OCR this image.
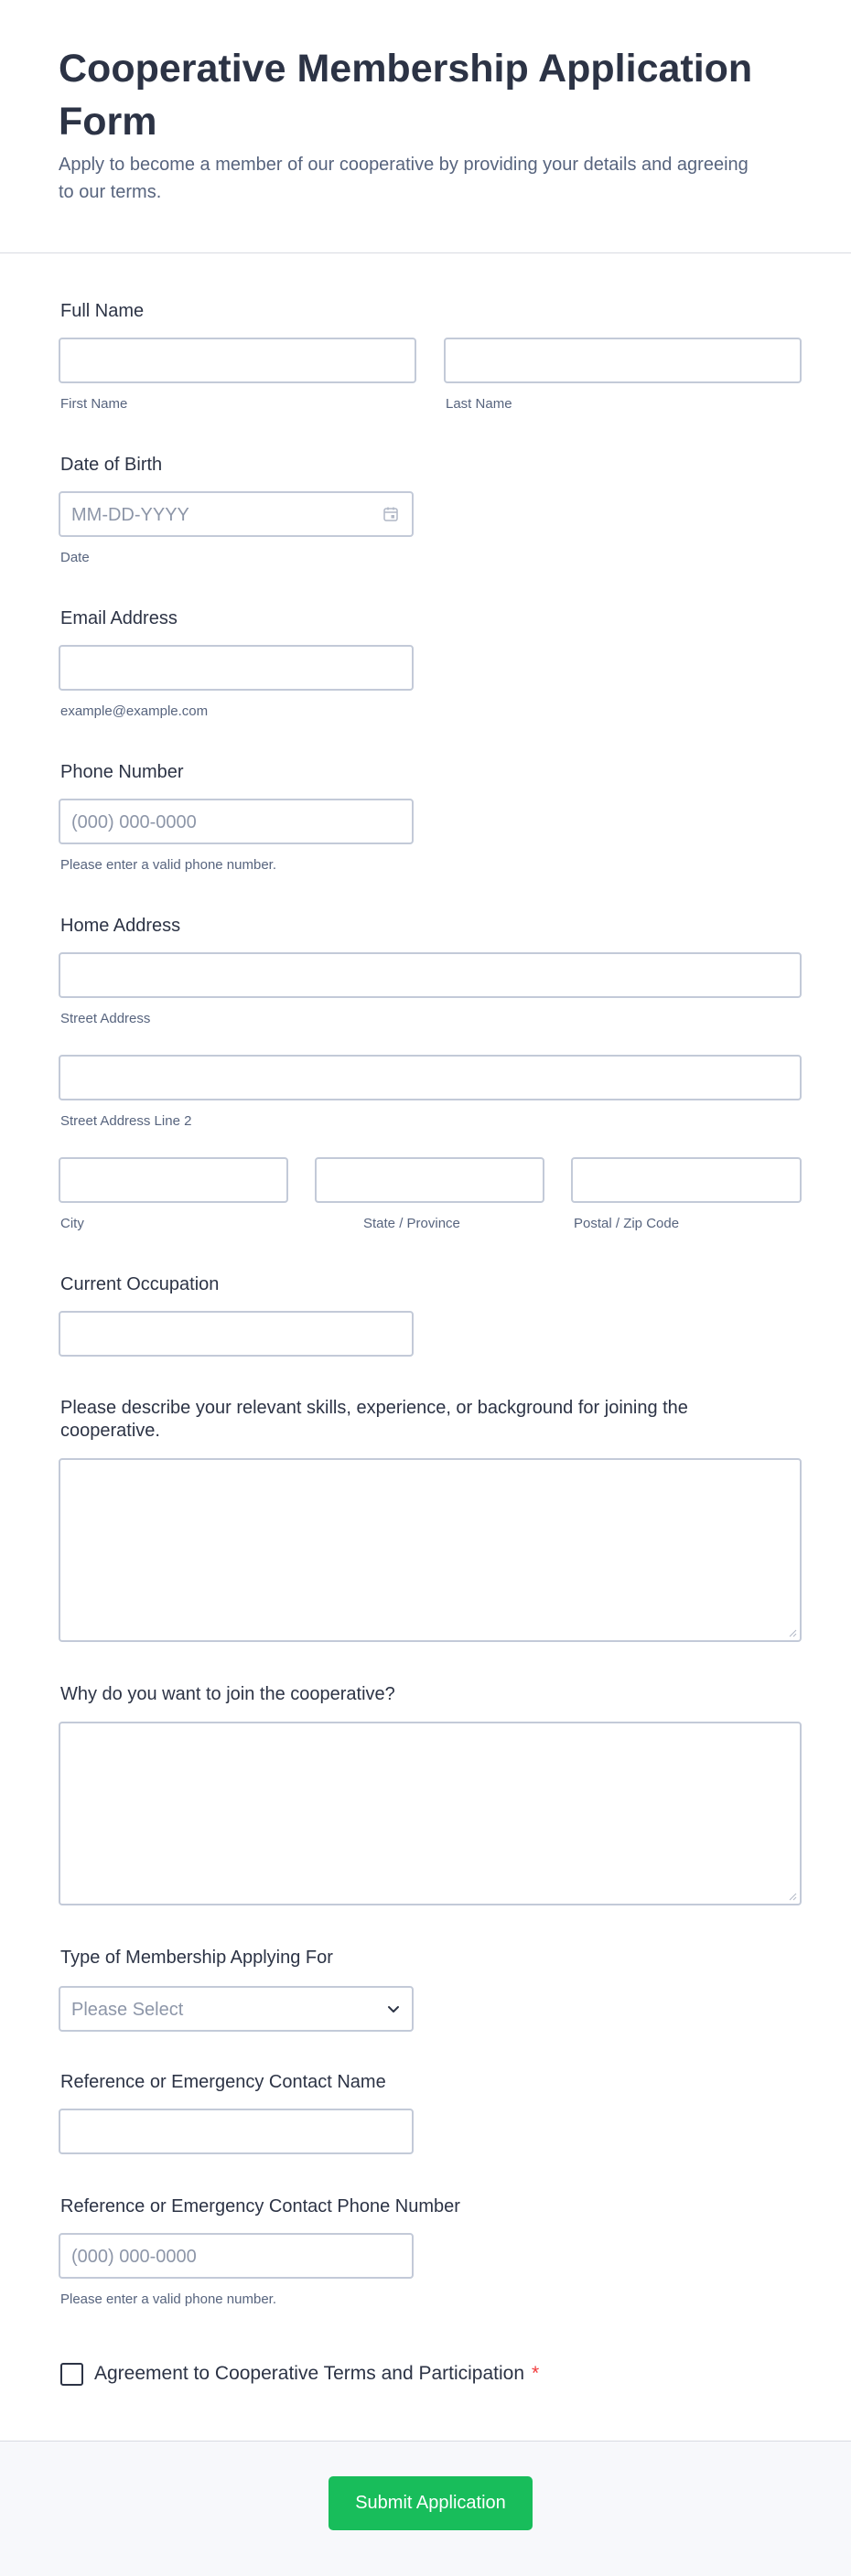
Cooperative Membership Application Form

Apply to become a member of our cooperative by providing your details and agreeing to our terms.

Full Name
First Name	Last Name
Date of Birth
MM-DD-YYYY
Date
Email Address
example@example.com
Phone Number
(000) 000-0000
Please enter a valid phone number.
Home Address
Street Address
Street Address Line 2
City	State / Province	Postal / Zip Code
Current Occupation
Please describe your relevant skills, experience, or background for joining the cooperative.
Why do you want to join the cooperative?
Type of Membership Applying For
Please Select
Reference or Emergency Contact Name
Reference or Emergency Contact Phone Number
(000) 000-0000
Please enter a valid phone number.
Agreement to Cooperative Terms and Participation *
Submit Application
